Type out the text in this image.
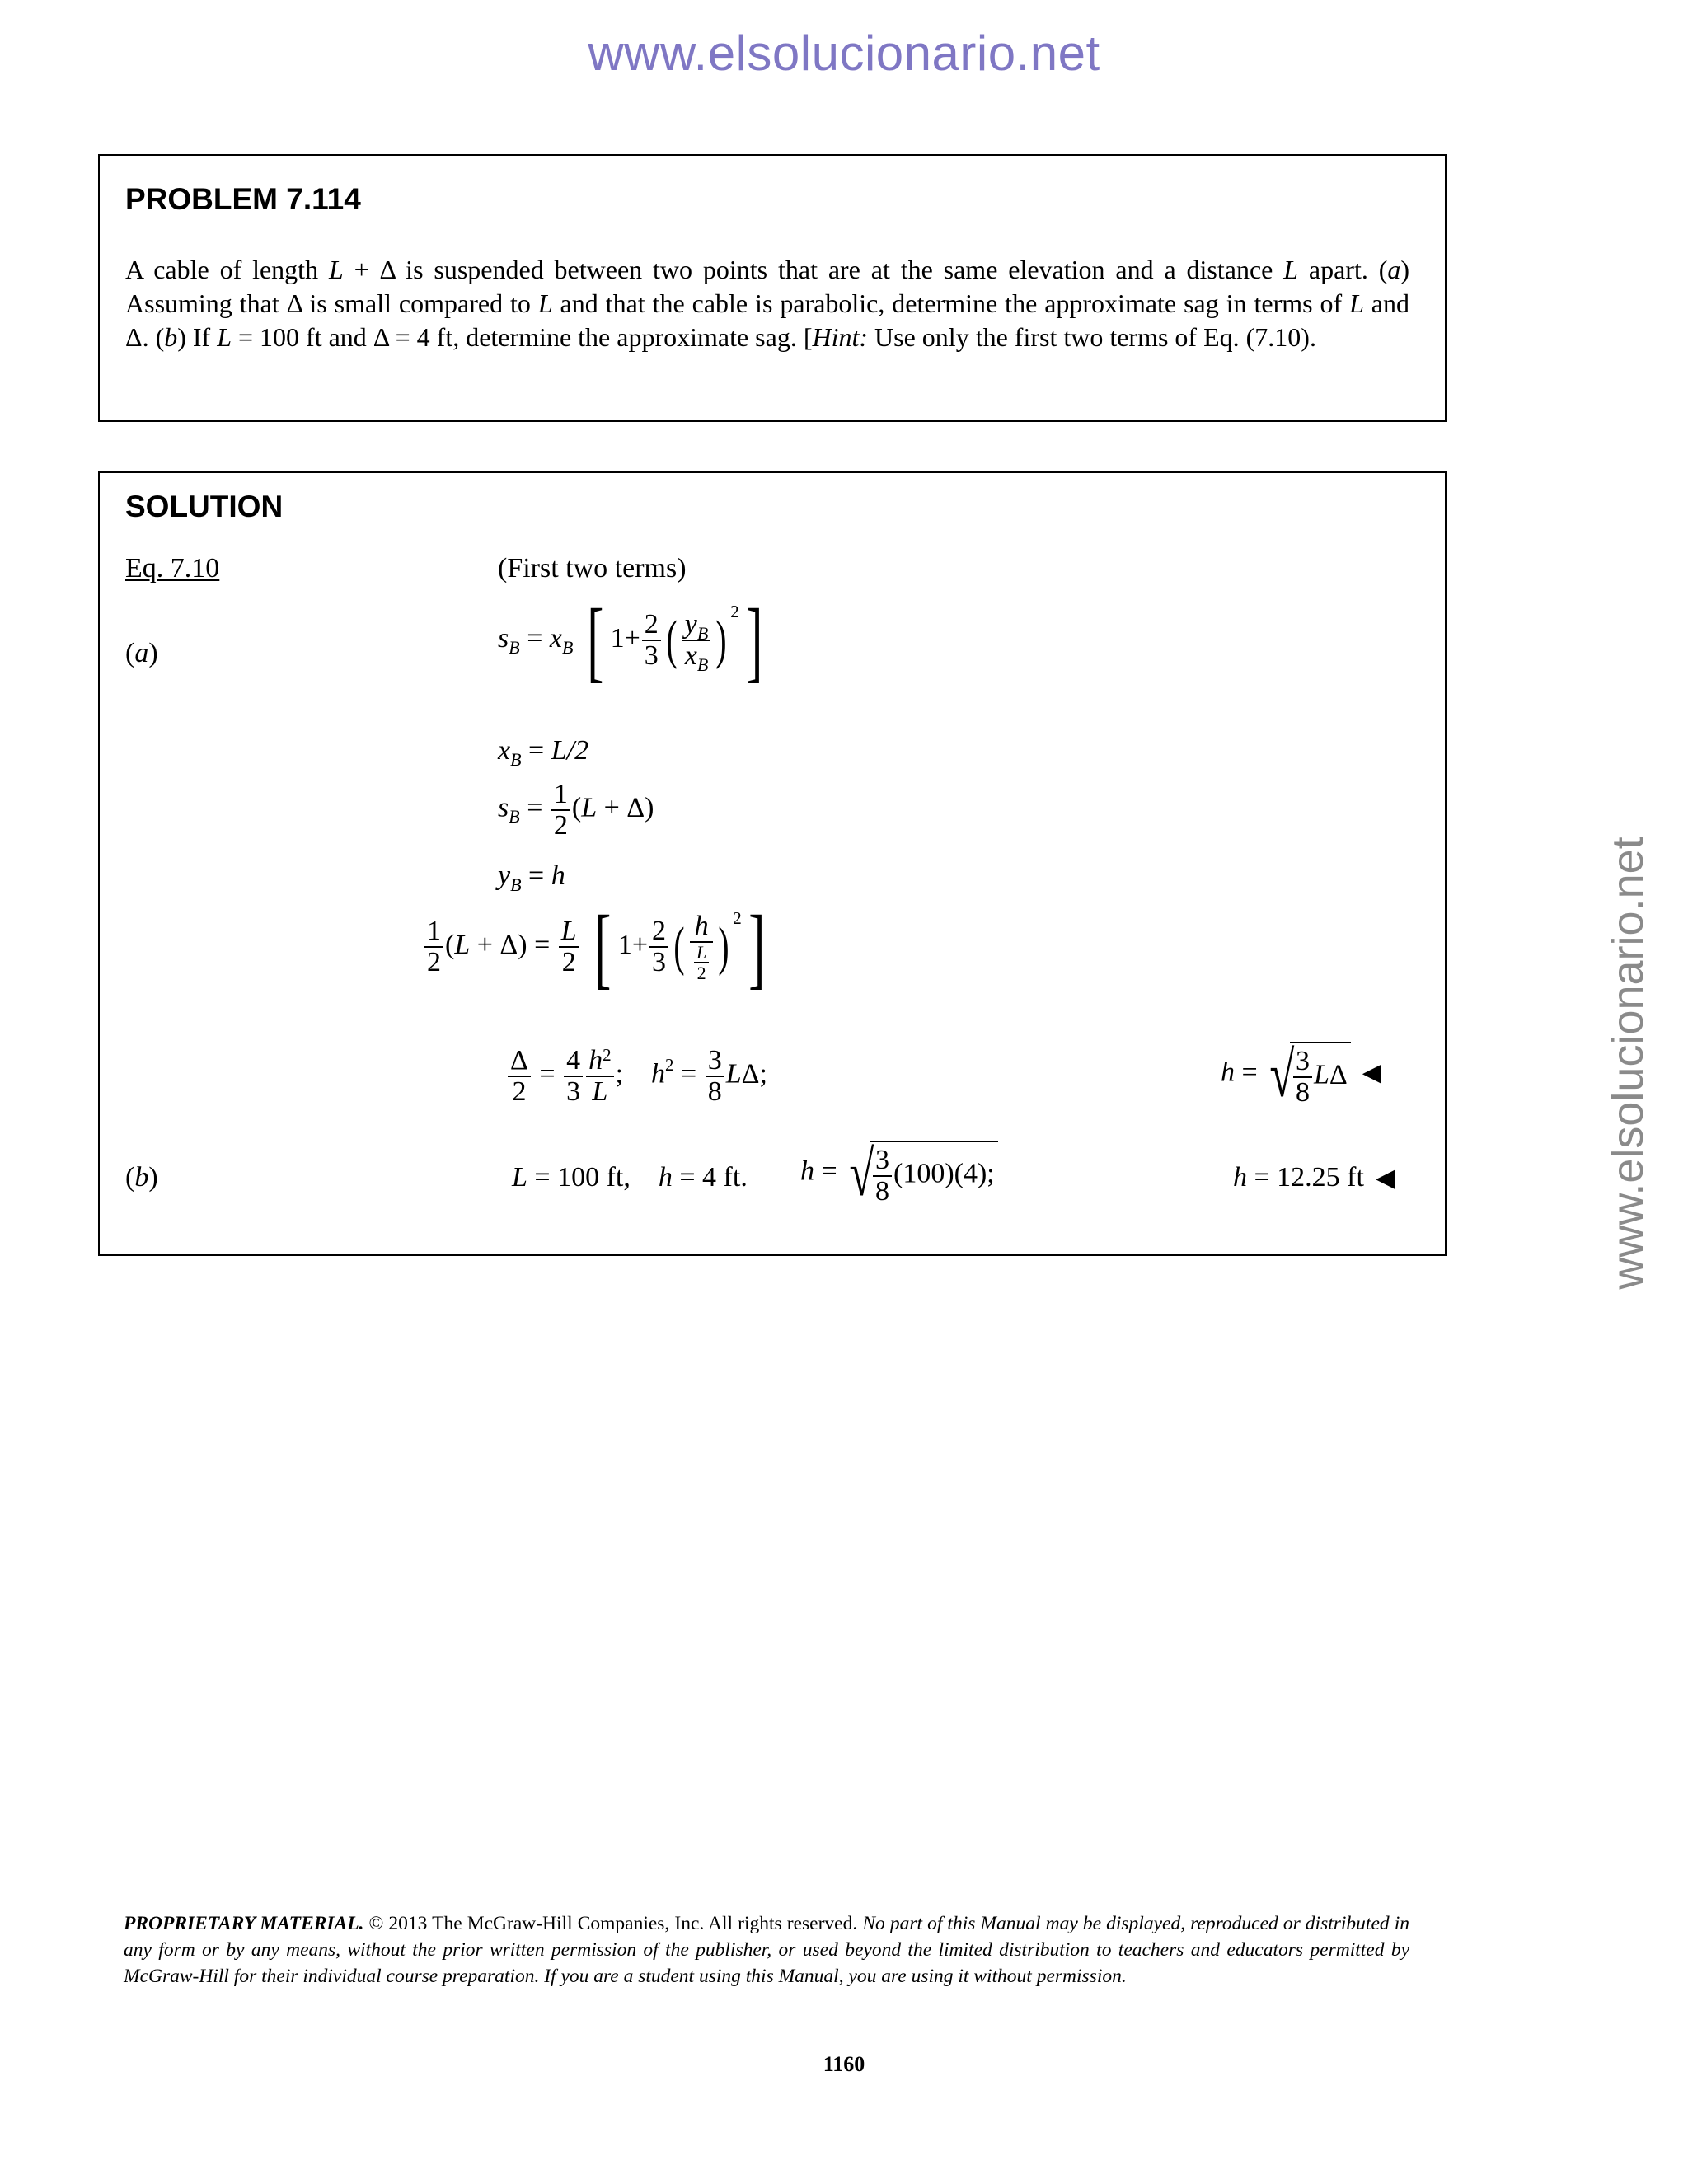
www.elsolucionario.net
www.elsolucionario.net
PROBLEM 7.114
A cable of length L + Δ is suspended between two points that are at the same elevation and a distance L apart. (a) Assuming that Δ is small compared to L and that the cable is parabolic, determine the approximate sag in terms of L and Δ. (b) If L = 100 ft and Δ = 4 ft, determine the approximate sag. [Hint: Use only the first two terms of Eq. (7.10).
SOLUTION
Eq. 7.10	(First two terms)
(a)	$s_B = x_B$ [ $1+ \frac{2}{3}$ ( $\frac{y_B}{x_B}$ ) $^2$]
$x_B = L/2$
$s_B = \frac{1}{2} (L + \Delta)$
$y_B = h$
$\frac{1}{2} (L + \Delta) = \frac{L}{2}$ [ $1+ \frac{2}{3}$ ( $\frac{h}{\frac{L}{2}}$ ) $^2$]
$\frac{\Delta}{2} = \frac{4}{3} \frac{h^2}{L}$ ;    $h^2 = \frac{3}{8} L\Delta$;	h = √
$\frac{3}{8}$ LΔ ◀
(b)	L = 100 ft,    h = 4 ft. h = √
$\frac{3}{8} (100)(4)$;	h = 12.25 ft ◀
PROPRIETARY MATERIAL. © 2013 The McGraw-Hill Companies, Inc. All rights reserved. No part of this Manual may be displayed, reproduced or distributed in any form or by any means, without the prior written permission of the publisher, or used beyond the limited distribution to teachers and educators permitted by McGraw-Hill for their individual course preparation. If you are a student using this Manual, you are using it without permission.
1160
